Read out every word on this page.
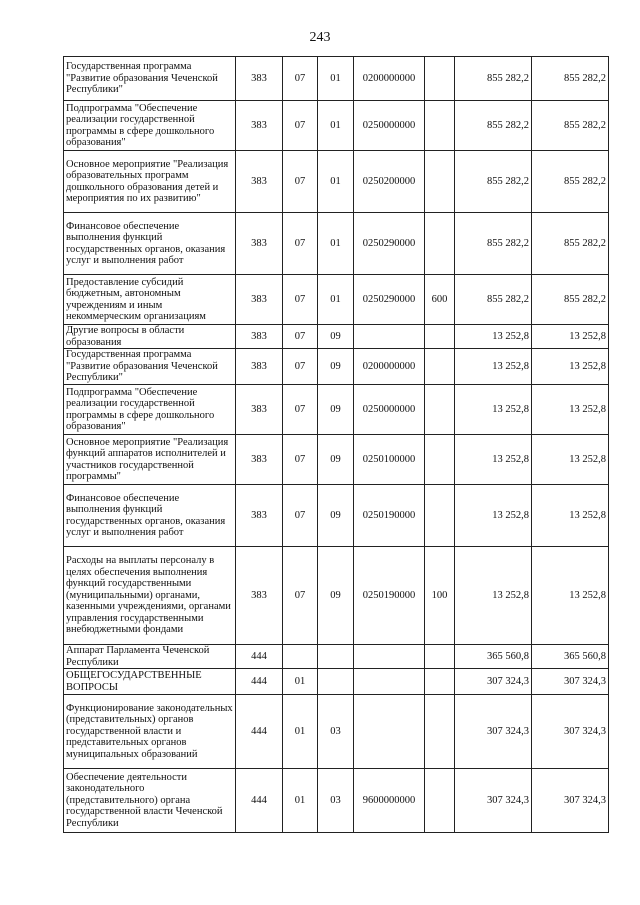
243
Государственная программа "Развитие образования Чеченской Республики"	383	07	01	0200000000		855 282,2	855 282,2
Подпрограмма "Обеспечение реализации государственной программы в сфере дошкольного образования"	383	07	01	0250000000		855 282,2	855 282,2
Основное мероприятие "Реализация образовательных программ дошкольного образования детей и мероприятия по их развитию"	383	07	01	0250200000		855 282,2	855 282,2
Финансовое обеспечение выполнения функций государственных органов, оказания услуг и выполнения работ	383	07	01	0250290000		855 282,2	855 282,2
Предоставление субсидий бюджетным, автономным учреждениям и иным некоммерческим организациям	383	07	01	0250290000	600	855 282,2	855 282,2
Другие вопросы в области образования	383	07	09			13 252,8	13 252,8
Государственная программа "Развитие образования Чеченской Республики"	383	07	09	0200000000		13 252,8	13 252,8
Подпрограмма "Обеспечение реализации государственной программы в сфере дошкольного образования"	383	07	09	0250000000		13 252,8	13 252,8
Основное мероприятие "Реализация функций аппаратов исполнителей и участников государственной программы"	383	07	09	0250100000		13 252,8	13 252,8
Финансовое обеспечение выполнения функций государственных органов, оказания услуг и выполнения работ	383	07	09	0250190000		13 252,8	13 252,8
Расходы на выплаты персоналу в целях обеспечения выполнения функций государственными (муниципальными) органами, казенными учреждениями, органами управления государственными внебюджетными фондами	383	07	09	0250190000	100	13 252,8	13 252,8
Аппарат Парламента Чеченской Республики	444					365 560,8	365 560,8
ОБЩЕГОСУДАРСТВЕННЫЕ ВОПРОСЫ	444	01				307 324,3	307 324,3
Функционирование законодательных (представительных) органов государственной власти и представительных органов муниципальных образований	444	01	03			307 324,3	307 324,3
Обеспечение деятельности законодательного (представительного) органа государственной власти Чеченской Республики	444	01	03	9600000000		307 324,3	307 324,3
